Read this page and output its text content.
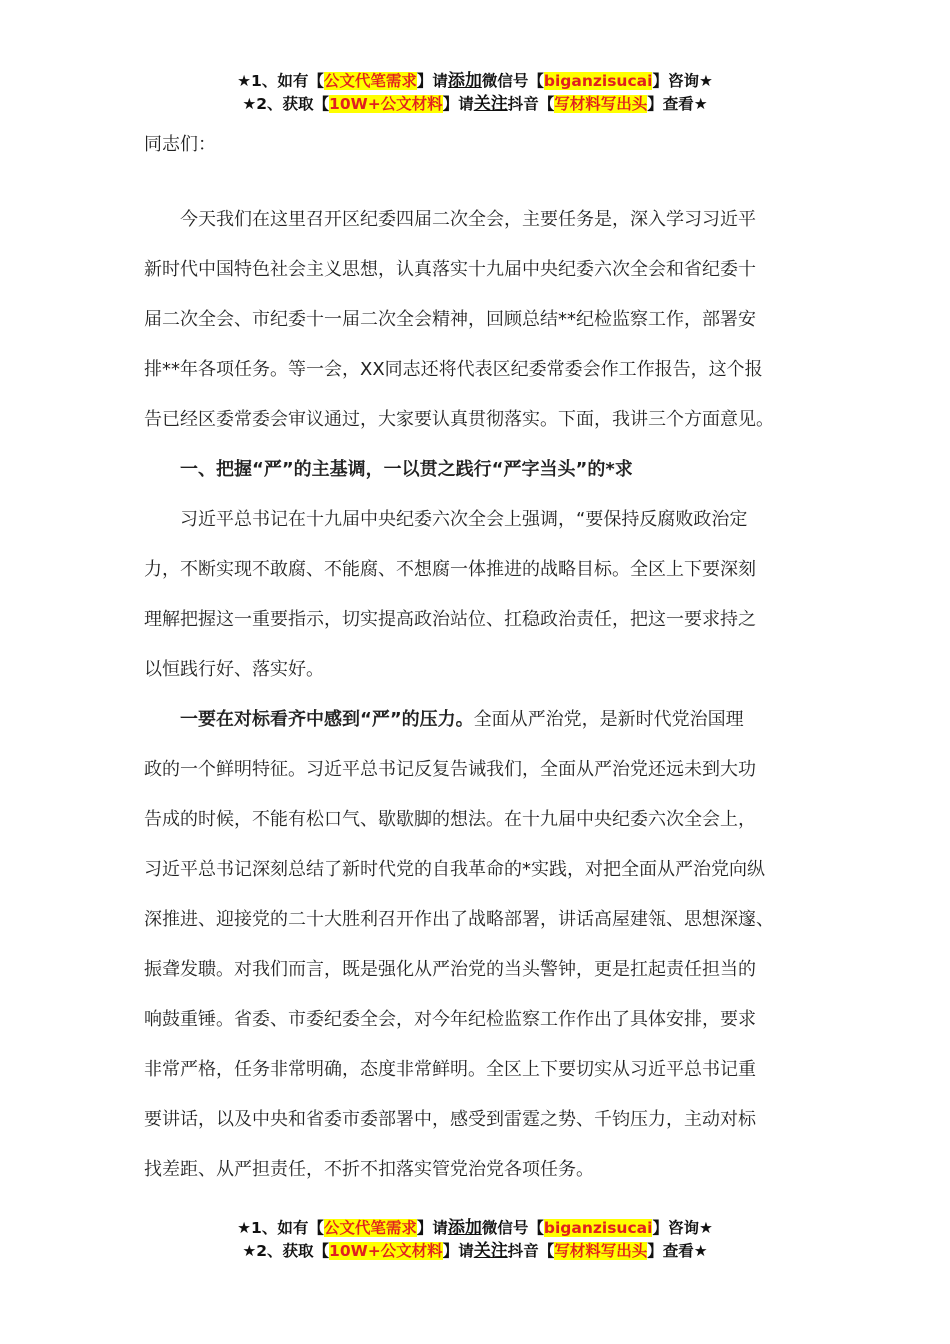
★1、如有【公文代笔需求】请添加微信号【biganzisucai】咨询★
★2、获取【10W+公文材料】请关注抖音【写材料写出头】查看★
同志们：
今天我们在这里召开区纪委四届二次全会，主要任务是，深入学习习近平
新时代中国特色社会主义思想，认真落实十九届中央纪委六次全会和省纪委十
届二次全会、市纪委十一届二次全会精神，回顾总结**纪检监察工作，部署安
排**年各项任务。等一会，XX同志还将代表区纪委常委会作工作报告，这个报
告已经区委常委会审议通过，大家要认真贯彻落实。下面，我讲三个方面意见。
一、把握“严”的主基调，一以贯之践行“严字当头”的*求
习近平总书记在十九届中央纪委六次全会上强调，“要保持反腐败政治定
力，不断实现不敢腐、不能腐、不想腐一体推进的战略目标。全区上下要深刻
理解把握这一重要指示，切实提高政治站位、扛稳政治责任，把这一要求持之
以恒践行好、落实好。
一要在对标看齐中感到“严”的压力。全面从严治党，是新时代党治国理
政的一个鲜明特征。习近平总书记反复告诫我们，全面从严治党还远未到大功
告成的时候，不能有松口气、歇歇脚的想法。在十九届中央纪委六次全会上，
习近平总书记深刻总结了新时代党的自我革命的*实践，对把全面从严治党向纵
深推进、迎接党的二十大胜利召开作出了战略部署，讲话高屋建瓴、思想深邃、
振聋发聩。对我们而言，既是强化从严治党的当头警钟，更是扛起责任担当的
响鼓重锤。省委、市委纪委全会，对今年纪检监察工作作出了具体安排，要求
非常严格，任务非常明确，态度非常鲜明。全区上下要切实从习近平总书记重
要讲话，以及中央和省委市委部署中，感受到雷霆之势、千钧压力，主动对标
找差距、从严担责任，不折不扣落实管党治党各项任务。
★1、如有【公文代笔需求】请添加微信号【biganzisucai】咨询★
★2、获取【10W+公文材料】请关注抖音【写材料写出头】查看★
